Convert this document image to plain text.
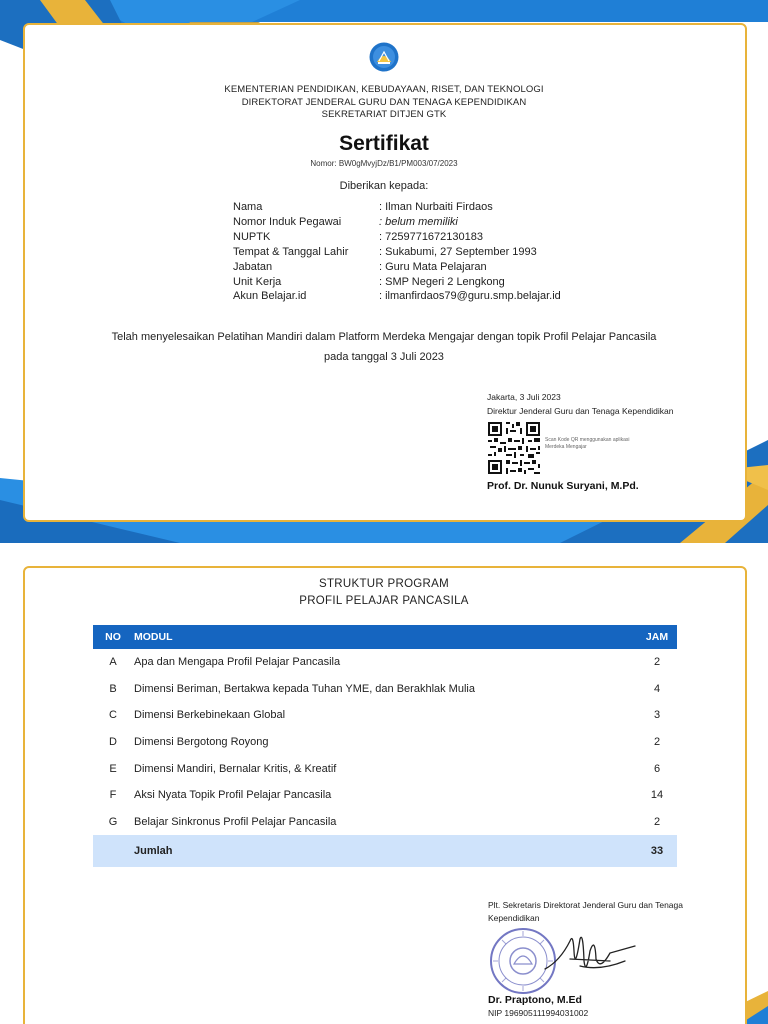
KEMENTERIAN PENDIDIKAN, KEBUDAYAAN, RISET, DAN TEKNOLOGI
DIREKTORAT JENDERAL GURU DAN TENAGA KEPENDIDIKAN
SEKRETARIAT DITJEN GTK
Sertifikat
Nomor: BW0gMvyjDz/B1/PM003/07/2023
Diberikan kepada:
Nama	: Ilman Nurbaiti Firdaos
Nomor Induk Pegawai	: belum memiliki
NUPTK	: 7259771672130183
Tempat & Tanggal Lahir	: Sukabumi, 27 September 1993
Jabatan	: Guru Mata Pelajaran
Unit Kerja	: SMP Negeri 2 Lengkong
Akun Belajar.id	: ilmanfirdaos79@guru.smp.belajar.id
Telah menyelesaikan Pelatihan Mandiri dalam Platform Merdeka Mengajar dengan topik Profil Pelajar Pancasila
pada tanggal 3 Juli 2023
Jakarta, 3 Juli 2023
Direktur Jenderal Guru dan Tenaga Kependidikan
Scan Kode QR menggunakan aplikasi Merdeka Mengajar
Prof. Dr. Nunuk Suryani, M.Pd.
STRUKTUR PROGRAM
PROFIL PELAJAR PANCASILA
NO	MODUL	JAM
A	Apa dan Mengapa Profil Pelajar Pancasila	2
B	Dimensi Beriman, Bertakwa kepada Tuhan YME, dan Berakhlak Mulia	4
C	Dimensi Berkebinekaan Global	3
D	Dimensi Bergotong Royong	2
E	Dimensi Mandiri, Bernalar Kritis, & Kreatif	6
F	Aksi Nyata Topik Profil Pelajar Pancasila	14
G	Belajar Sinkronus Profil Pelajar Pancasila	2
Jumlah	33
Plt. Sekretaris Direktorat Jenderal Guru dan Tenaga Kependidikan
Dr. Praptono, M.Ed
NIP 196905111994031002
